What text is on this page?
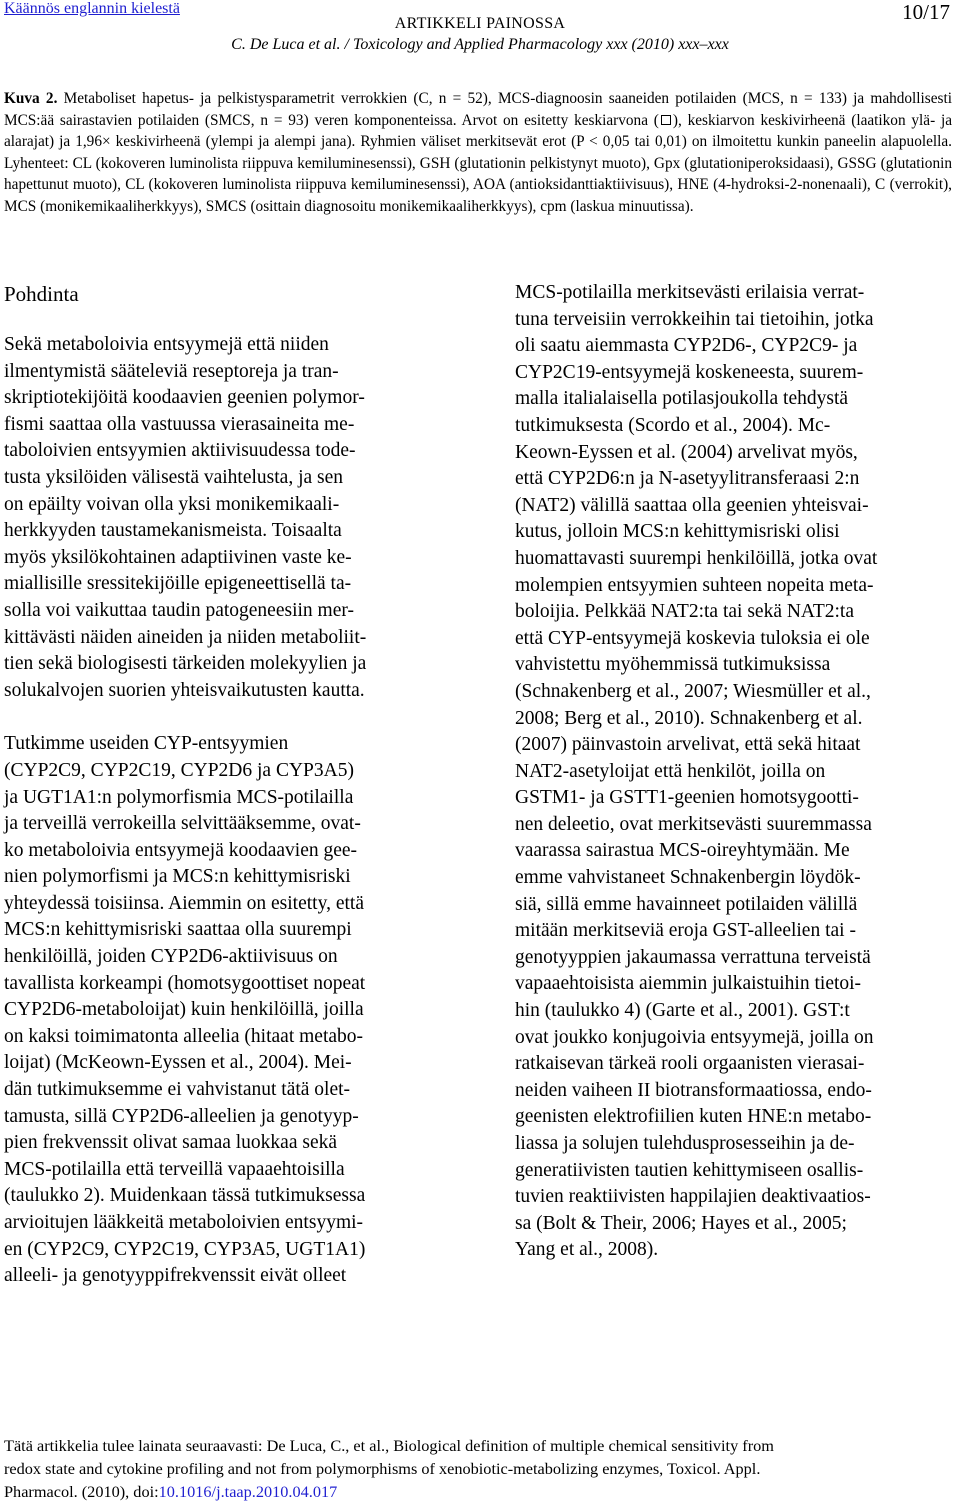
Käännös englannin kielestä	10/17
ARTIKKELI PAINOSSA
C. De Luca et al. / Toxicology and Applied Pharmacology xxx (2010) xxx–xxx
Kuva 2. Metaboliset hapetus- ja pelkistysparametrit verrokkien (C, n = 52), MCS-diagnoosin saaneiden potilaiden (MCS, n = 133) ja mahdollisesti MCS:ää sairastavien potilaiden (SMCS, n = 93) veren komponenteissa. Arvot on esitetty keskiarvona ( ), keskiarvon keskivirheenä (laatikon ylä- ja alarajat) ja 1,96× keskivirheenä (ylempi ja alempi jana). Ryhmien väliset merkitsevät erot (P < 0,05 tai 0,01) on ilmoitettu kunkin paneelin alapuolella. Lyhenteet: CL (kokoveren luminolista riippuva kemiluminesenssi), GSH (glutationin pelkistynyt muoto), Gpx (glutationiperoksidaasi), GSSG (glutationin hapettunut muoto), CL (kokoveren luminolista riippuva kemiluminesenssi), AOA (antioksidanttiaktiivisuus), HNE (4-hydroksi-2-nonenaali), C (verrokit), MCS (monikemikaaliherkkyys), SMCS (osittain diagnosoitu monikemikaaliherkkyys), cpm (laskua minuutissa).
Pohdinta

Sekä metaboloivia entsyymejä että niiden
ilmentymistä sääteleviä reseptoreja ja tran-
skriptiotekijöitä koodaavien geenien polymor-
fismi saattaa olla vastuussa vierasaineita me-
taboloivien entsyymien aktiivisuudessa tode-
tusta yksilöiden välisestä vaihtelusta, ja sen
on epäilty voivan olla yksi monikemikaali-
herkkyyden taustamekanismeista. Toisaalta
myös yksilökohtainen adaptiivinen vaste ke-
miallisille sressitekijöille epigeneettisellä ta-
solla voi vaikuttaa taudin patogeneesiin mer-
kittävästi näiden aineiden ja niiden metaboliit-
tien sekä biologisesti tärkeiden molekyylien ja
solukalvojen suorien yhteisvaikutusten kautta.

Tutkimme useiden CYP-entsyymien
(CYP2C9, CYP2C19, CYP2D6 ja CYP3A5)
ja UGT1A1:n polymorfismia MCS-potilailla
ja terveillä verrokeilla selvittääksemme, ovat-
ko metaboloivia entsyymejä koodaavien gee-
nien polymorfismi ja MCS:n kehittymisriski
yhteydessä toisiinsa. Aiemmin on esitetty, että
MCS:n kehittymisriski saattaa olla suurempi
henkilöillä, joiden CYP2D6-aktiivisuus on
tavallista korkeampi (homotsygoottiset nopeat
CYP2D6-metaboloijat) kuin henkilöillä, joilla
on kaksi toimimatonta alleelia (hitaat metabo-
loijat) (McKeown-Eyssen et al., 2004). Mei-
dän tutkimuksemme ei vahvistanut tätä olet-
tamusta, sillä CYP2D6-alleelien ja genotyyp-
pien frekvenssit olivat samaa luokkaa sekä
MCS-potilailla että terveillä vapaaehtoisilla
(taulukko 2). Muidenkaan tässä tutkimuksessa
arvioitujen lääkkeitä metaboloivien entsyymi-
en (CYP2C9, CYP2C19, CYP3A5, UGT1A1)
alleeli- ja genotyyppifrekvenssit eivät olleet

MCS-potilailla merkitsevästi erilaisia verrat-
tuna terveisiin verrokkeihin tai tietoihin, jotka
oli saatu aiemmasta CYP2D6-, CYP2C9- ja
CYP2C19-entsyymejä koskeneesta, suurem-
malla italialaisella potilasjoukolla tehdystä
tutkimuksesta (Scordo et al., 2004). Mc-
Keown-Eyssen et al. (2004) arvelivat myös,
että CYP2D6:n ja N-asetyylitransferaasi 2:n
(NAT2) välillä saattaa olla geenien yhteisvai-
kutus, jolloin MCS:n kehittymisriski olisi
huomattavasti suurempi henkilöillä, jotka ovat
molempien entsyymien suhteen nopeita meta-
boloijia. Pelkkää NAT2:ta tai sekä NAT2:ta
että CYP-entsyymejä koskevia tuloksia ei ole
vahvistettu myöhemmissä tutkimuksissa
(Schnakenberg et al., 2007; Wiesmüller et al.,
2008; Berg et al., 2010). Schnakenberg et al.
(2007) päinvastoin arvelivat, että sekä hitaat
NAT2-asetyloijat että henkilöt, joilla on
GSTM1- ja GSTT1-geenien homotsygootti-
nen deleetio, ovat merkitsevästi suuremmassa
vaarassa sairastua MCS-oireyhtymään. Me
emme vahvistaneet Schnakenbergin löydök-
siä, sillä emme havainneet potilaiden välillä
mitään merkitseviä eroja GST-alleelien tai -
genotyyppien jakaumassa verrattuna terveistä
vapaaehtoisista aiemmin julkaistuihin tietoi-
hin (taulukko 4) (Garte et al., 2001). GST:t
ovat joukko konjugoivia entsyymejä, joilla on
ratkaisevan tärkeä rooli orgaanisten vierasai-
neiden vaiheen II biotransformaatiossa, endo-
geenisten elektrofiilien kuten HNE:n metabo-
liassa ja solujen tulehdusprosesseihin ja de-
generatiivisten tautien kehittymiseen osallis-
tuvien reaktiivisten happilajien deaktivaatios-
sa (Bolt & Their, 2006; Hayes et al., 2005;
Yang et al., 2008).

Tätä artikkelia tulee lainata seuraavasti: De Luca, C., et al., Biological definition of multiple chemical sensitivity from
redox state and cytokine profiling and not from polymorphisms of xenobiotic-metabolizing enzymes, Toxicol. Appl.
Pharmacol. (2010), doi:10.1016/j.taap.2010.04.017
